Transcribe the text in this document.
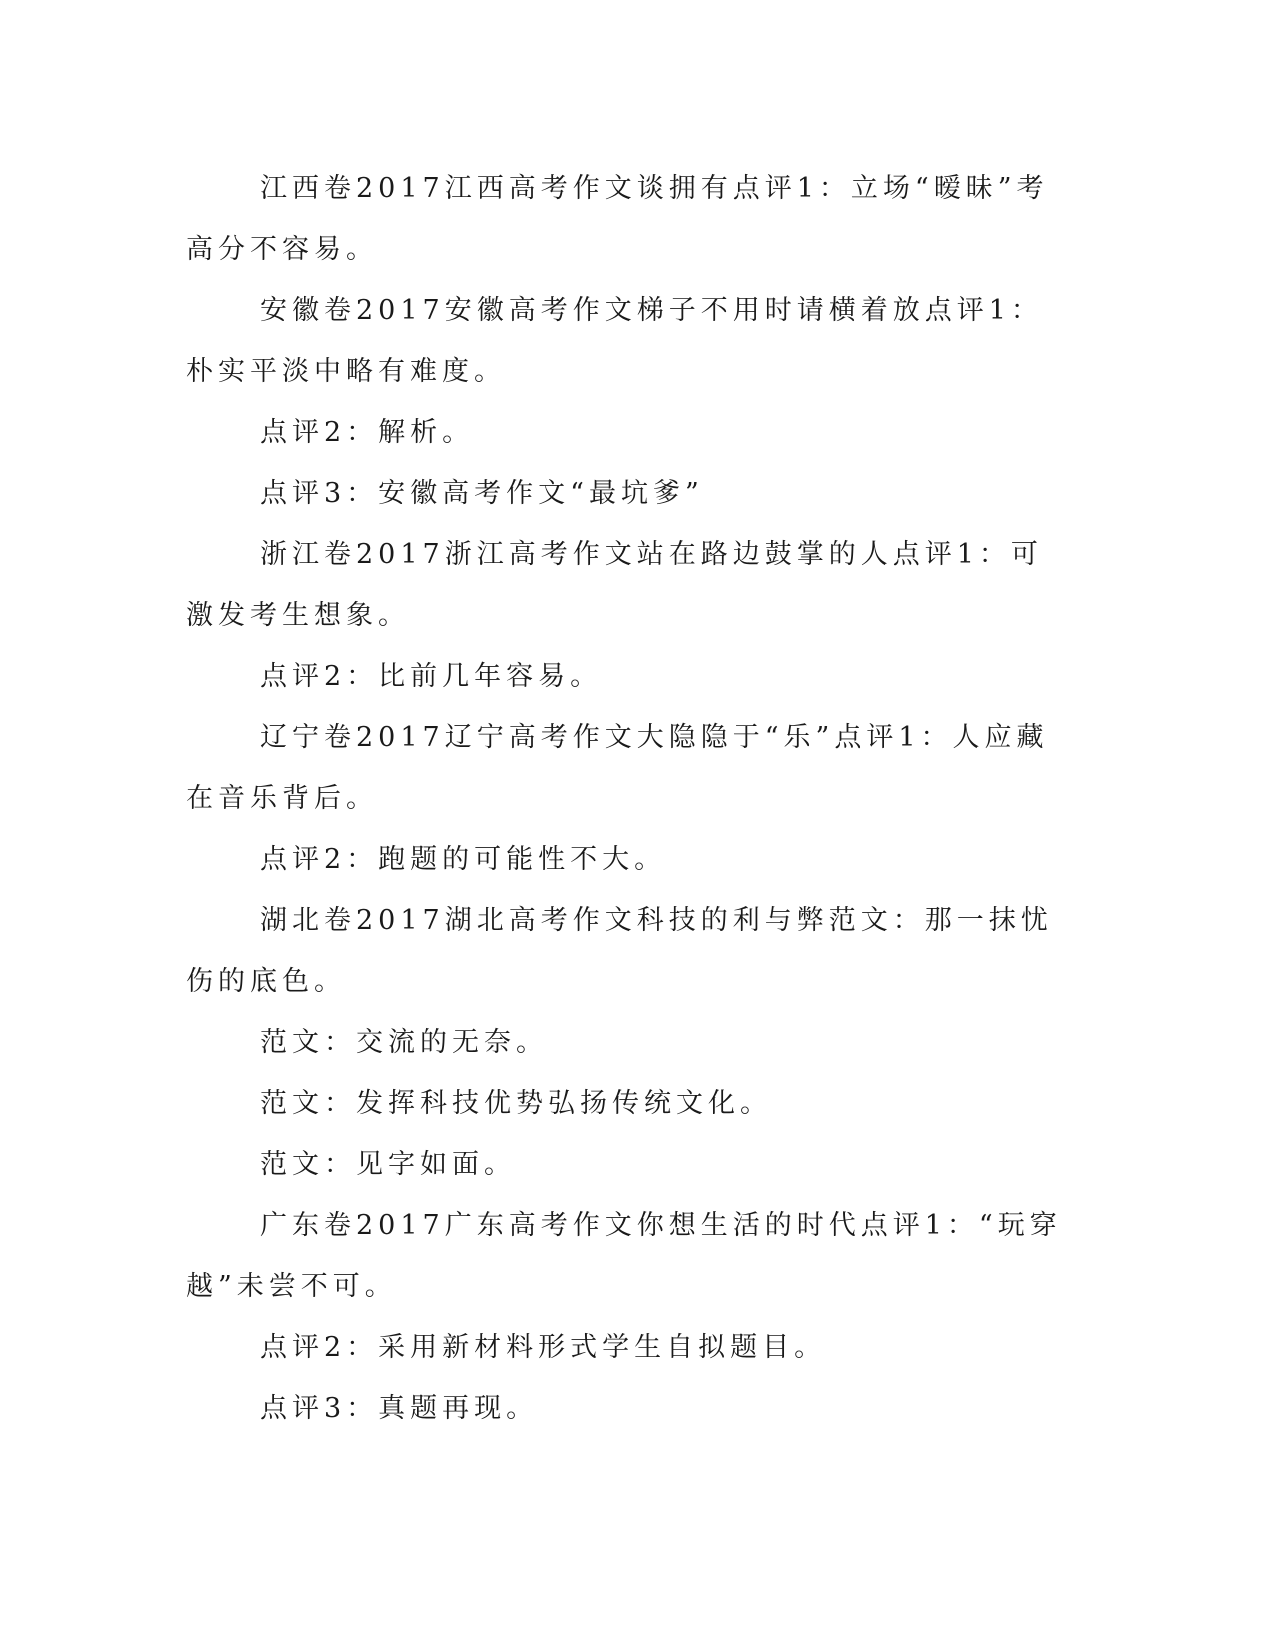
江西卷2017江西高考作文谈拥有点评1：立场“暧昧”考高分不容易。

安徽卷2017安徽高考作文梯子不用时请横着放点评1：朴实平淡中略有难度。

点评2：解析。

点评3：安徽高考作文“最坑爹”

浙江卷2017浙江高考作文站在路边鼓掌的人点评1：可激发考生想象。

点评2：比前几年容易。

辽宁卷2017辽宁高考作文大隐隐于“乐”点评1：人应藏在音乐背后。

点评2：跑题的可能性不大。

湖北卷2017湖北高考作文科技的利与弊范文：那一抹忧伤的底色。

范文：交流的无奈。

范文：发挥科技优势弘扬传统文化。

范文：见字如面。

广东卷2017广东高考作文你想生活的时代点评1：“玩穿越”未尝不可。

点评2：采用新材料形式学生自拟题目。

点评3：真题再现。
